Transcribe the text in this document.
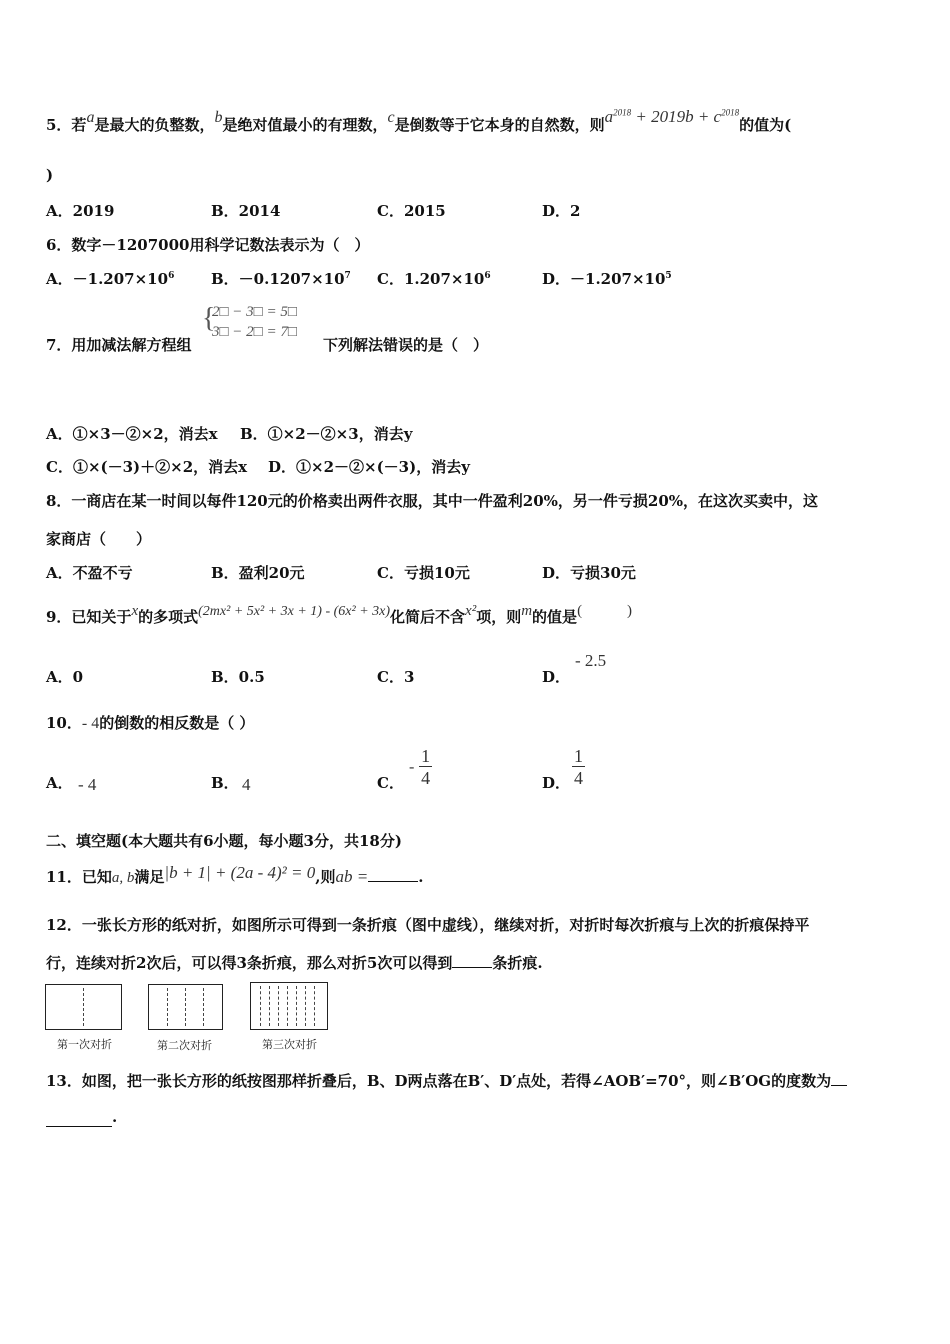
5．若a是最大的负整数，b是绝对值最小的有理数，c是倒数等于它本身的自然数，则$a^{2018} + 2019b + c^{2018}$的值为(
)
A．2019	B．2014	C．2015	D．2
6．数字－1207000用科学记数法表示为（　）
A．$-1.207\times 10^6$ B．$-0.1207\times 10^7$ C．$1.207\times 10^6$	D．$-1.207\times 10^5$
7．用加减法解方程组
{
2□ − 3□ = 5□
3□ − 2□ = 7□
下列解法错误的是（　）
A．①×3－②×2，消去x B．①×2－②×3，消去y
C．①×(－3)＋②×2，消去x D．①×2－②×(－3)，消去y
8．一商店在某一时间以每件120元的价格卖出两件衣服，其中一件盈利20%，另一件亏损20%，在这次买卖中，这
家商店（　　）
A．不盈不亏	B．盈利20元	C．亏损10元	D．亏损30元
9．已知关于x的多项式(2mx² + 5x² + 3x + 1) - (6x² + 3x)化简后不含x²项，则m的值是(　　　)
A．0	B．0.5	C．3	D．
- 2.5
10．- 4的倒数的相反数是（ ）
A． - 4	B． 4	C．
- $\frac{1}{4}$	D． $\frac{1}{4}$
二、填空题(本大题共有6小题，每小题3分，共18分)
11．已知a, b满足|b + 1| + (2a - 4)² = 0,则ab =	.
12．一张长方形的纸对折，如图所示可得到一条折痕（图中虚线），继续对折，对折时每次折痕与上次的折痕保持平
行，连续对折2次后，可以得3条折痕，那么对折5次可以得到	条折痕.
第一次对折	第二次对折	第三次对折
13．如图，把一张长方形的纸按图那样折叠后，B、D两点落在B′、D′点处，若得∠AOB′=70°，则∠B′OG的度数为
.
